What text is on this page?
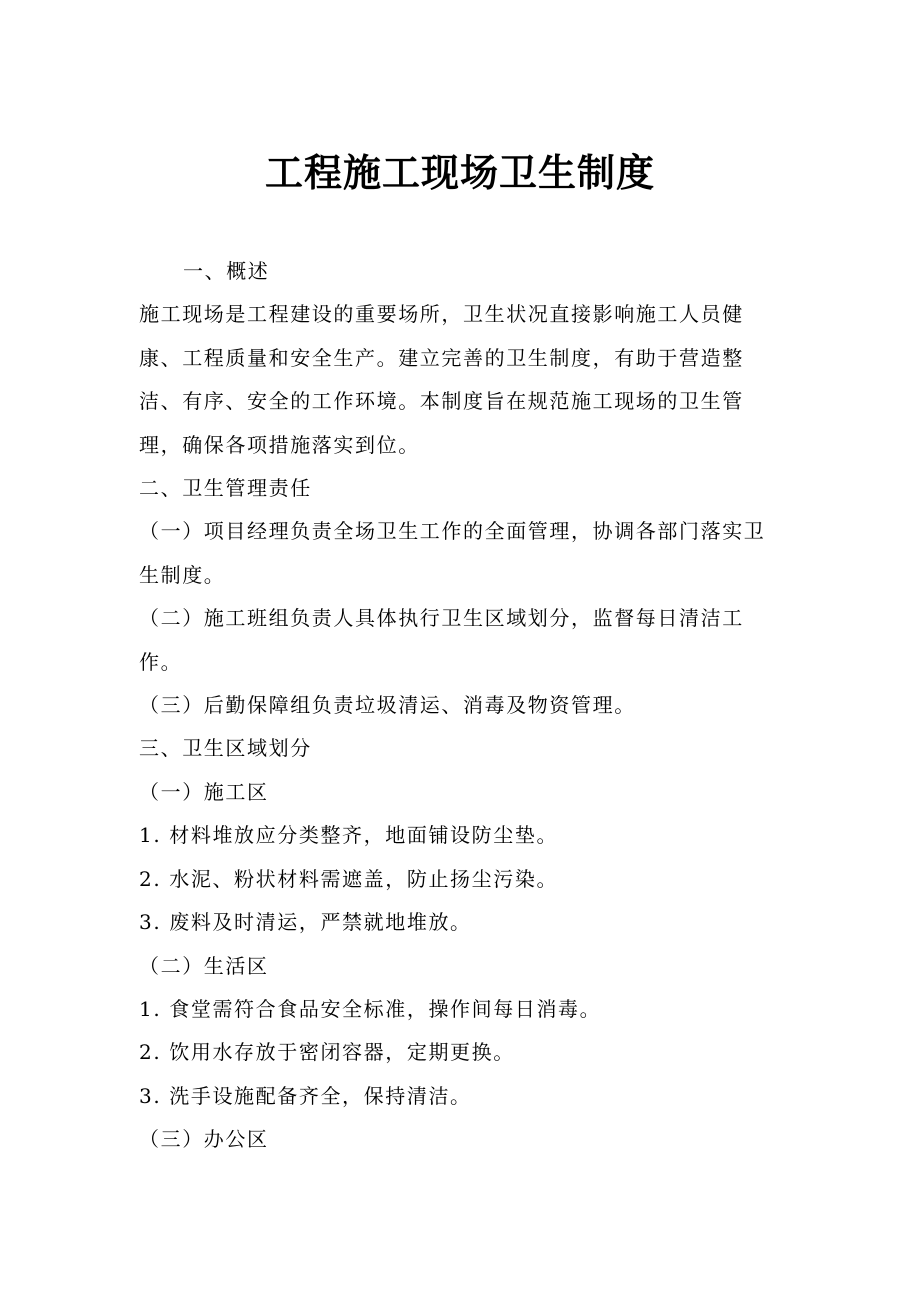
工程施工现场卫生制度

一、概述

施工现场是工程建设的重要场所，卫生状况直接影响施工人员健康、工程质量和安全生产。建立完善的卫生制度，有助于营造整洁、有序、安全的工作环境。本制度旨在规范施工现场的卫生管理，确保各项措施落实到位。

二、卫生管理责任

（一）项目经理负责全场卫生工作的全面管理，协调各部门落实卫生制度。

（二）施工班组负责人具体执行卫生区域划分，监督每日清洁工作。

（三）后勤保障组负责垃圾清运、消毒及物资管理。

三、卫生区域划分

（一）施工区

1. 材料堆放应分类整齐，地面铺设防尘垫。

2. 水泥、粉状材料需遮盖，防止扬尘污染。

3. 废料及时清运，严禁就地堆放。

（二）生活区

1. 食堂需符合食品安全标准，操作间每日消毒。

2. 饮用水存放于密闭容器，定期更换。

3. 洗手设施配备齐全，保持清洁。

（三）办公区
